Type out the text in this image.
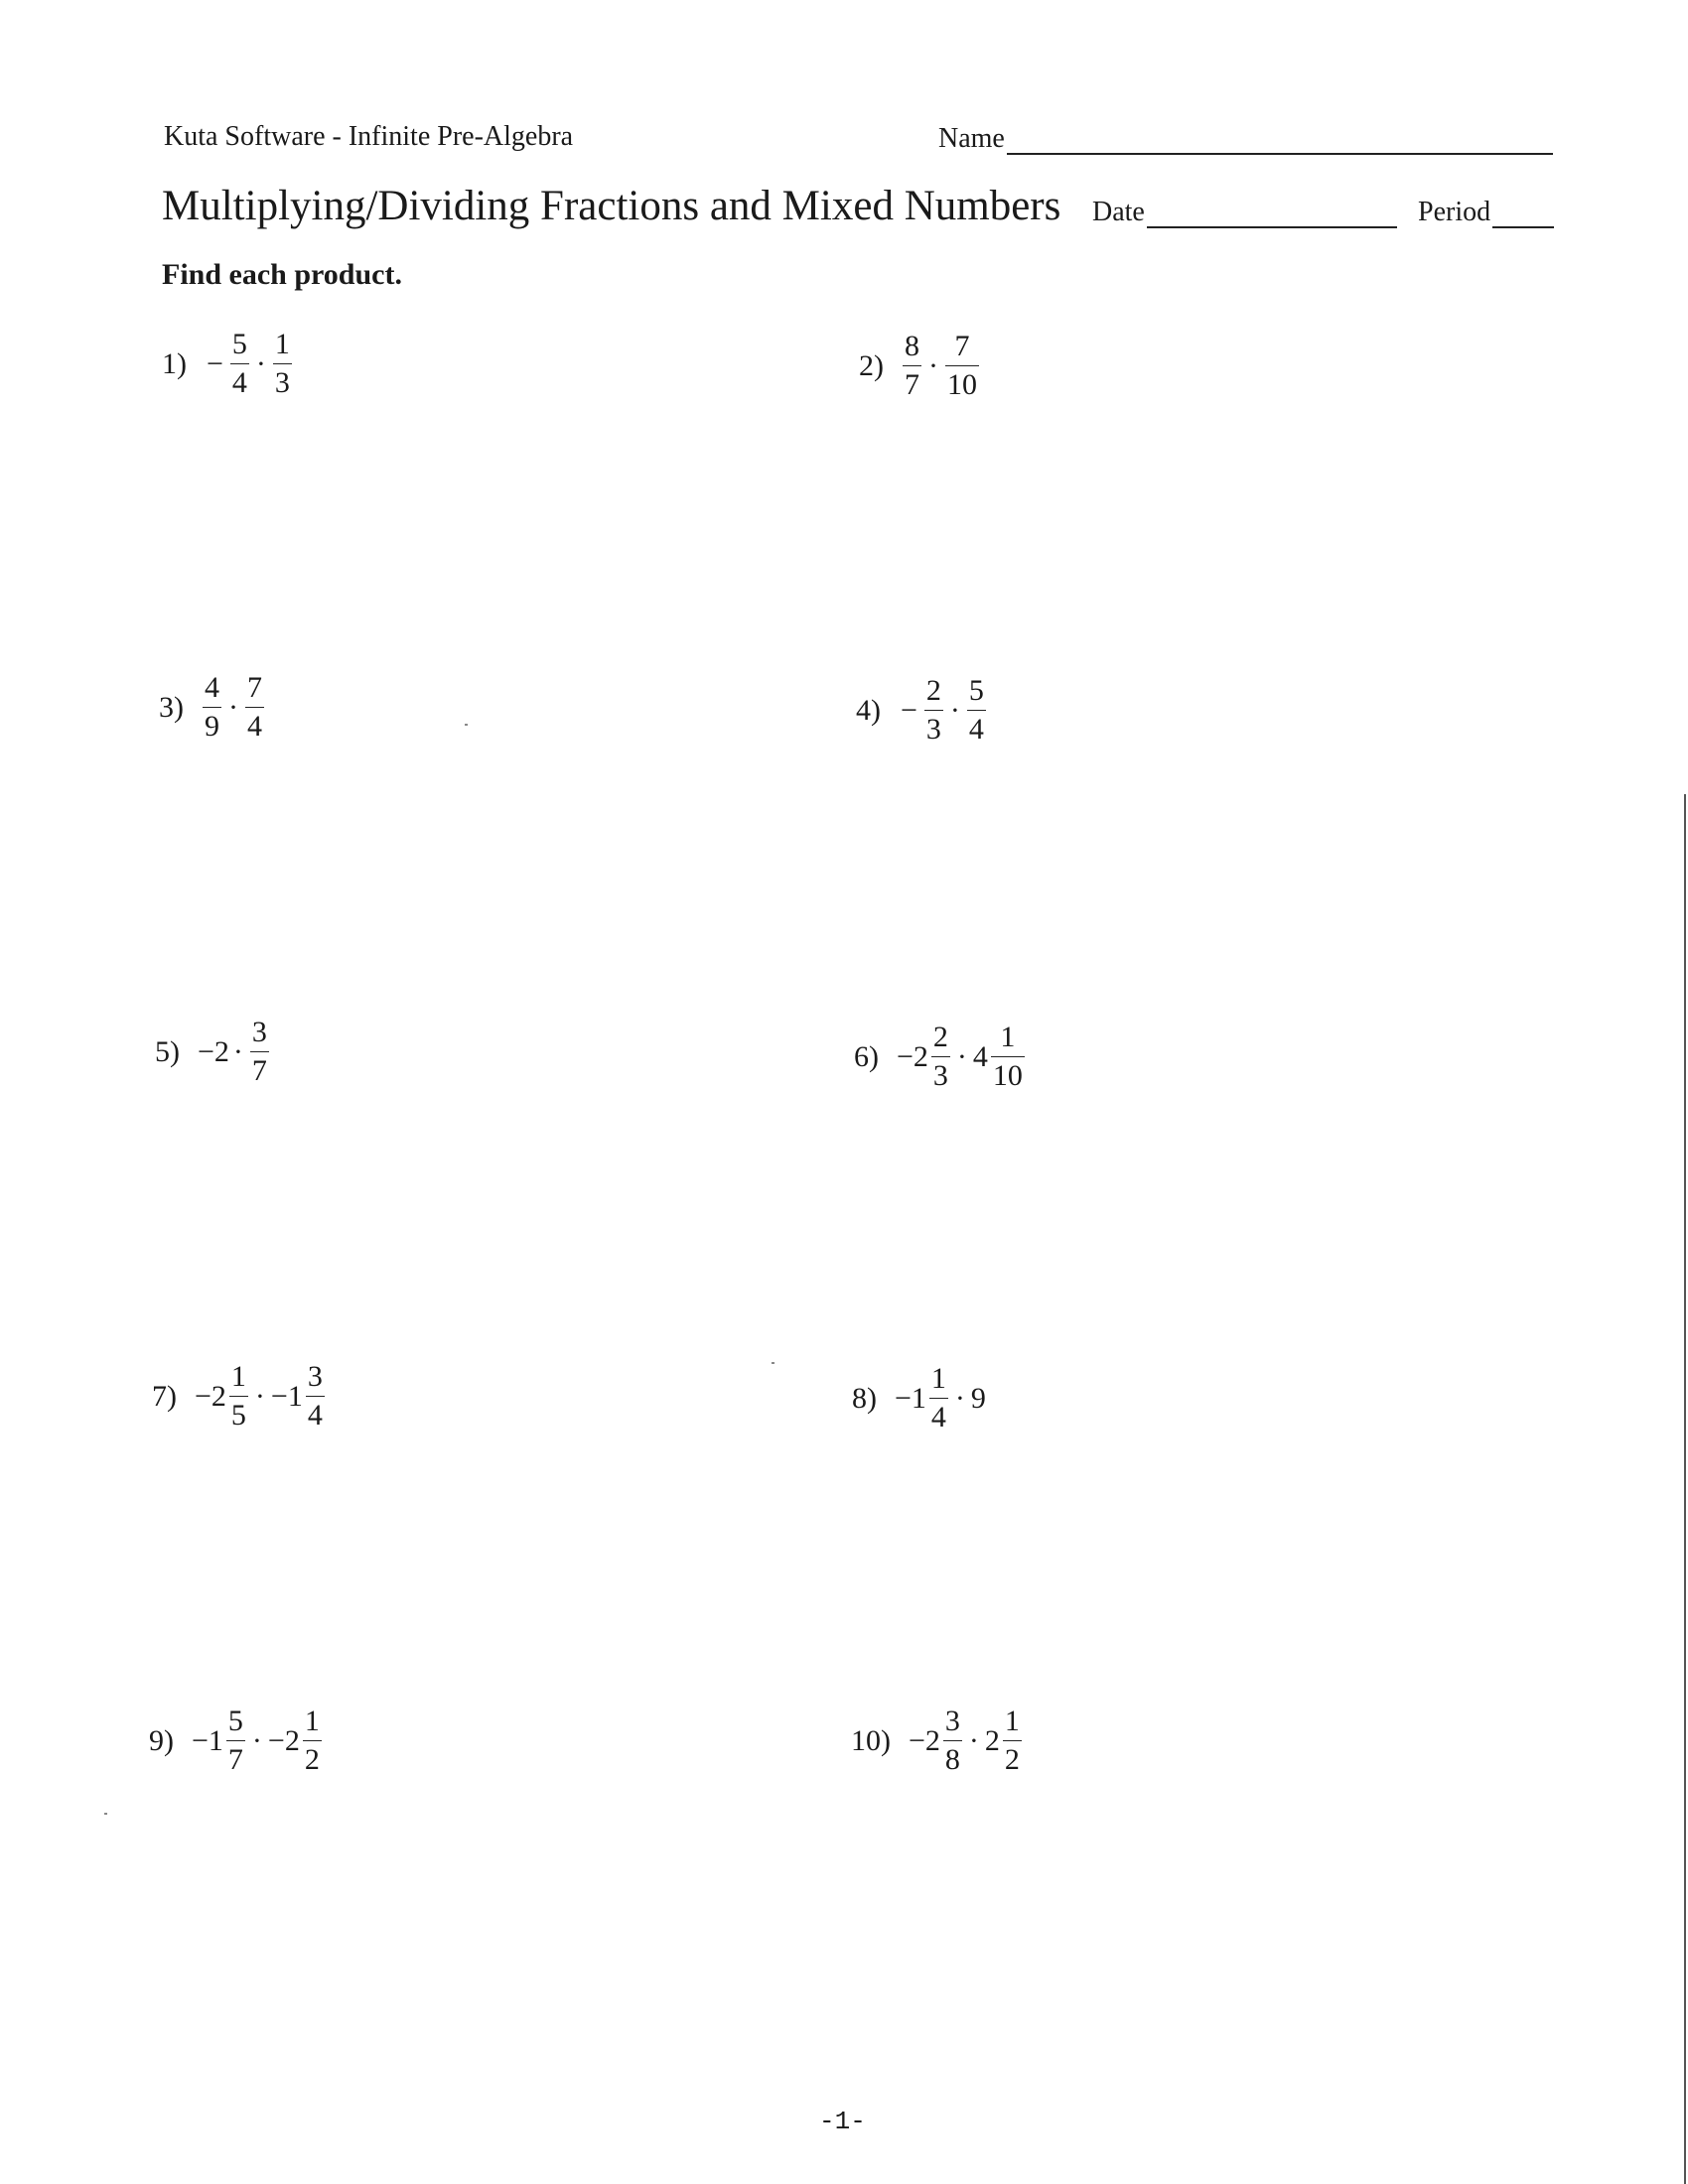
Kuta Software - Infinite Pre-Algebra	Name
Multiplying/Dividing Fractions and Mixed Numbers Date	Period
Find each product.
$1) - \frac{5}{4} \cdot \frac{1}{3}$	$2) \frac{8}{7} \cdot \frac{7}{10}$
$3) \frac{4}{9} \cdot \frac{7}{4}$	$4) - \frac{2}{3} \cdot \frac{5}{4}$
$5) -2 \cdot \frac{3}{7}$	$6) -2 \frac{2}{3} \cdot 4 \frac{1}{10}$
$7) -2 \frac{1}{5} \cdot -1 \frac{3}{4}$	$8) -1 \frac{1}{4} \cdot 9$
$9) -1 \frac{5}{7} \cdot -2 \frac{1}{2}$	$10) -2 \frac{3}{8} \cdot 2 \frac{1}{2}$
-1-
